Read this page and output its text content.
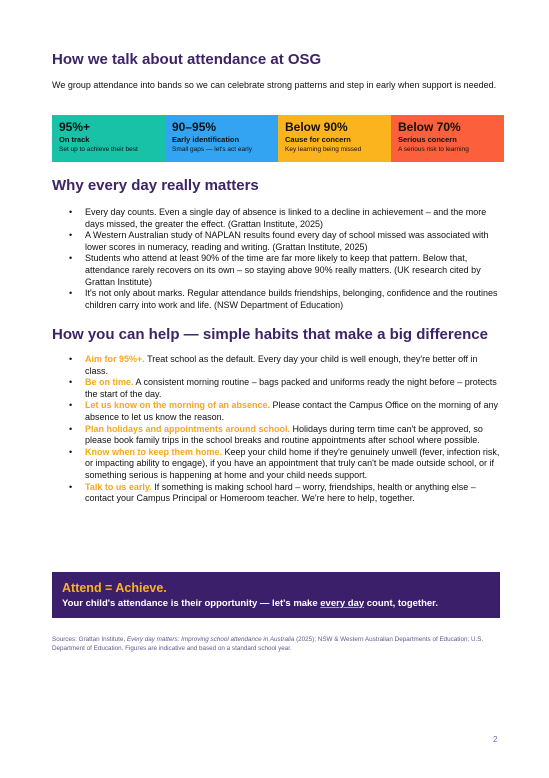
How we talk about attendance at OSG
We group attendance into bands so we can celebrate strong patterns and step in early when support is needed.
95%+
On track
Set up to achieve their best
90–95%
Early identification
Small gaps — let's act early
Below 90%
Cause for concern
Key learning being missed
Below 70%
Serious concern
A serious risk to learning
Why every day really matters
• Every day counts. Even a single day of absence is linked to a decline in achievement – and the more days missed, the greater the effect. (Grattan Institute, 2025)
• A Western Australian study of NAPLAN results found every day of school missed was associated with lower scores in numeracy, reading and writing. (Grattan Institute, 2025)
• Students who attend at least 90% of the time are far more likely to keep that pattern. Below that, attendance rarely recovers on its own – so staying above 90% really matters. (UK research cited by Grattan Institute)
• It's not only about marks. Regular attendance builds friendships, belonging, confidence and the routines children carry into work and life. (NSW Department of Education)
How you can help — simple habits that make a big difference
• Aim for 95%+. Treat school as the default. Every day your child is well enough, they're better off in class.
• Be on time. A consistent morning routine – bags packed and uniforms ready the night before – protects the start of the day.
• Let us know on the morning of an absence. Please contact the Campus Office on the morning of any absence to let us know the reason.
• Plan holidays and appointments around school. Holidays during term time can't be approved, so please book family trips in the school breaks and routine appointments after school where possible.
• Know when to keep them home. Keep your child home if they're genuinely unwell (fever, infection risk, or impacting ability to engage), if you have an appointment that truly can't be made outside school, or if something serious is happening at home and your child needs support.
• Talk to us early. If something is making school hard – worry, friendships, health or anything else – contact your Campus Principal or Homeroom teacher. We're here to help, together.
Attend = Achieve.
Your child's attendance is their opportunity — let's make every day count, together.
Sources: Grattan Institute, Every day matters: Improving school attendance in Australia (2025); NSW & Western Australian Departments of Education; U.S. Department of Education. Figures are indicative and based on a standard school year.
2
